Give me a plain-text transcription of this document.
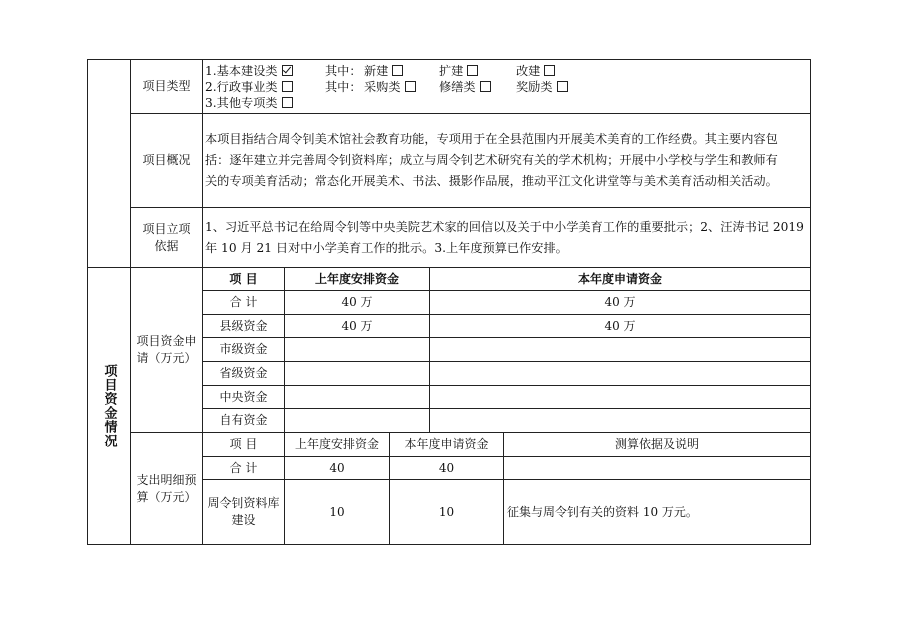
项目类型
1.基本建设类	其中： 新建	扩建	改建
2.行政事业类	其中： 采购类	修缮类	奖励类
3.其他专项类
项目概况
本项目指结合周令钊美术馆社会教育功能，专项用于在全县范围内开展美术美育的工作经费。其主要内容包
括：逐年建立并完善周令钊资料库；成立与周令钊艺术研究有关的学术机构；开展中小学校与学生和教师有
关的专项美育活动；常态化开展美术、书法、摄影作品展，推动平江文化讲堂等与美术美育活动相关活动。
项目立项
依据
1、习近平总书记在给周令钊等中央美院艺术家的回信以及关于中小学美育工作的重要批示；2、汪涛书记 2019
年 10 月 21 日对中小学美育工作的批示。3.上年度预算已作安排。
项目资金情况
项目资金申
请（万元）
项 目	上年度安排资金	本年度申请资金
合 计	40 万	40 万
县级资金	40 万	40 万
市级资金
省级资金
中央资金
自有资金
支出明细预
算（万元）
项 目	上年度安排资金	本年度申请资金	测算依据及说明
合 计	40	40
周令钊资料库
建设
10	10	征集与周令钊有关的资料 10 万元。
